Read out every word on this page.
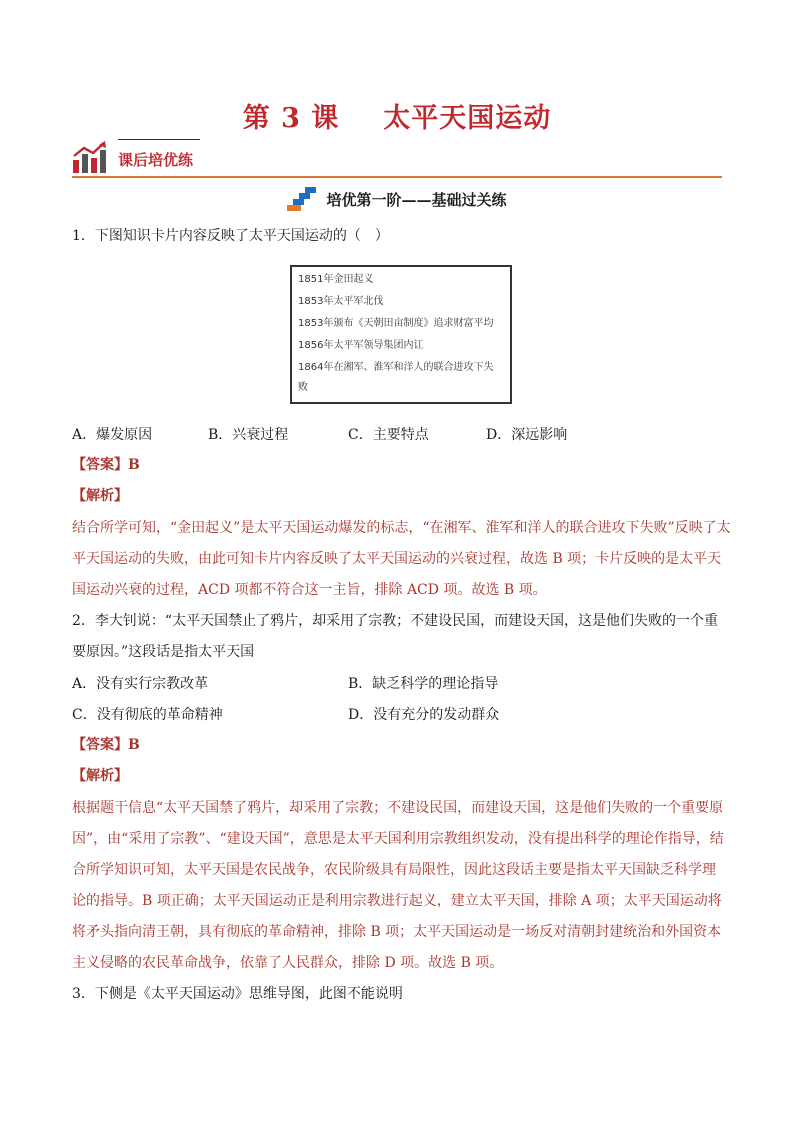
第 3 课 太平天国运动
课后培优练
培优第一阶——基础过关练
1．下图知识卡片内容反映了太平天国运动的（　）
1851年金田起义
1853年太平军北伐
1853年颁布《天朝田亩制度》追求财富平均
1856年太平军领导集团内讧
1864年在湘军、淮军和洋人的联合进攻下失
败
A．爆发原因	B．兴衰过程	C．主要特点	D．深远影响
【答案】B
【解析】
结合所学可知，“金田起义”是太平天国运动爆发的标志，“在湘军、淮军和洋人的联合进攻下失败”反映了太
平天国运动的失败，由此可知卡片内容反映了太平天国运动的兴衰过程，故选 B 项；卡片反映的是太平天
国运动兴衰的过程，ACD 项都不符合这一主旨，排除 ACD 项。故选 B 项。
2．李大钊说：“太平天国禁止了鸦片，却采用了宗教；不建设民国，而建设天国，这是他们失败的一个重
要原因。”这段话是指太平天国
A．没有实行宗教改革	B．缺乏科学的理论指导
C．没有彻底的革命精神	D．没有充分的发动群众
【答案】B
【解析】
根据题干信息“太平天国禁了鸦片，却采用了宗教；不建设民国，而建设天国，这是他们失败的一个重要原
因”，由“采用了宗教”、“建设天国”，意思是太平天国利用宗教组织发动，没有提出科学的理论作指导，结
合所学知识可知，太平天国是农民战争，农民阶级具有局限性，因此这段话主要是指太平天国缺乏科学理
论的指导。B 项正确；太平天国运动正是利用宗教进行起义，建立太平天国，排除 A 项；太平天国运动将
将矛头指向清王朝，具有彻底的革命精神，排除 B 项；太平天国运动是一场反对清朝封建统治和外国资本
主义侵略的农民革命战争，依靠了人民群众，排除 D 项。故选 B 项。
3．下侧是《太平天国运动》思维导图，此图不能说明
